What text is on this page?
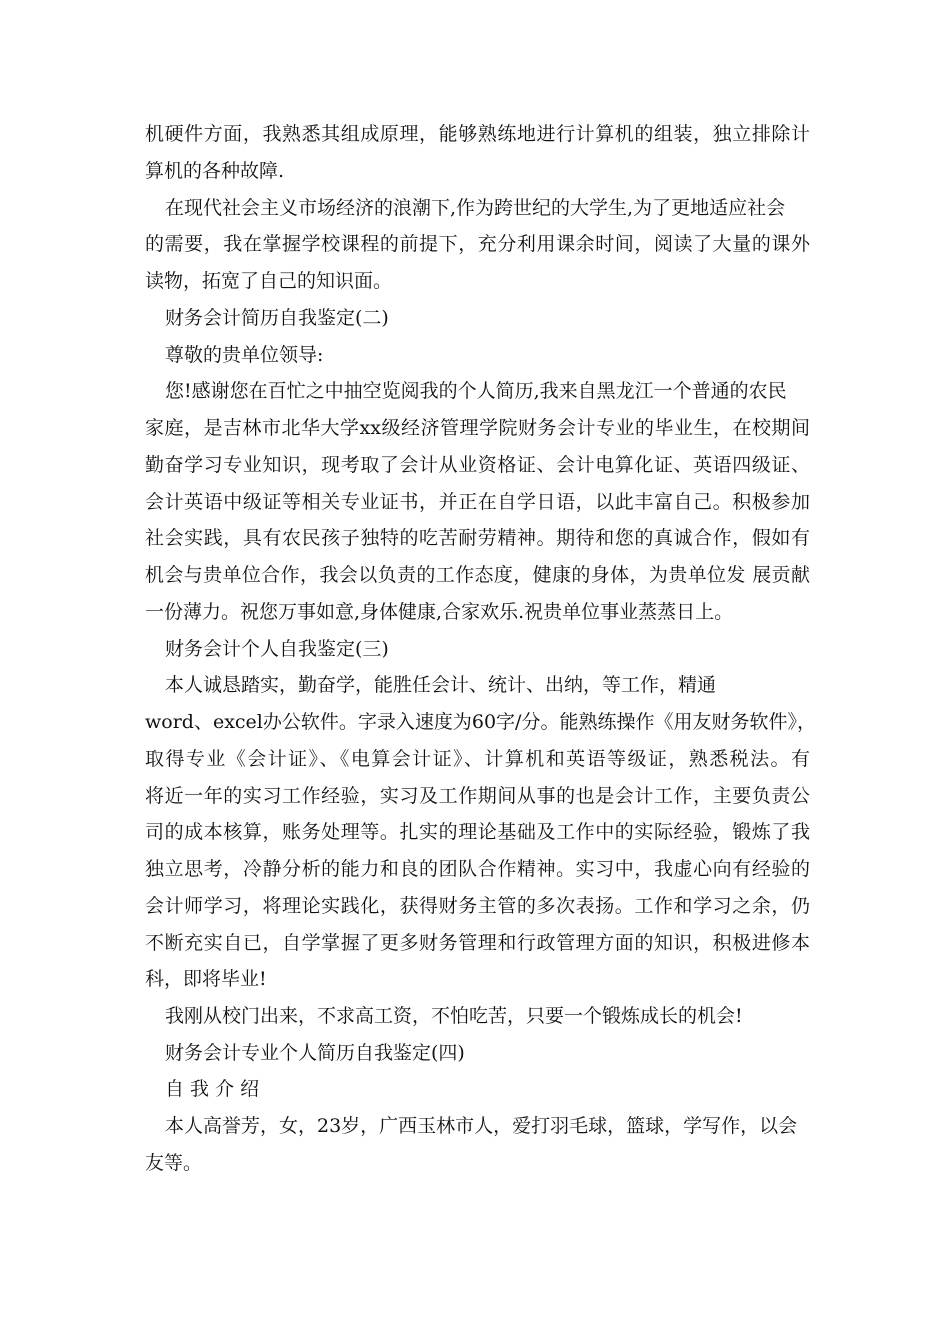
机硬件方面，我熟悉其组成原理，能够熟练地进行计算机的组装，独立排除计
算机的各种故障.
在现代社会主义市场经济的浪潮下,作为跨世纪的大学生,为了更地适应社会
的需要，我在掌握学校课程的前提下，充分利用课余时间，阅读了大量的课外
读物，拓宽了自己的知识面。
财务会计简历自我鉴定(二)
尊敬的贵单位领导:
您!感谢您在百忙之中抽空览阅我的个人简历,我来自黑龙江一个普通的农民
家庭，是吉林市北华大学xx级经济管理学院财务会计专业的毕业生，在校期间
勤奋学习专业知识，现考取了会计从业资格证、会计电算化证、英语四级证、
会计英语中级证等相关专业证书，并正在自学日语，以此丰富自己。积极参加
社会实践，具有农民孩子独特的吃苦耐劳精神。期待和您的真诚合作，假如有
机会与贵单位合作，我会以负责的工作态度，健康的身体，为贵单位发 展贡献
一份薄力。祝您万事如意,身体健康,合家欢乐.祝贵单位事业蒸蒸日上。
财务会计个人自我鉴定(三)
本人诚恳踏实，勤奋学，能胜任会计、统计、出纳，等工作，精通
word、excel办公软件。字录入速度为60字/分。能熟练操作《用友财务软件》，
取得专业《会计证》、《电算会计证》、计算机和英语等级证，熟悉税法。有
将近一年的实习工作经验，实习及工作期间从事的也是会计工作，主要负责公
司的成本核算，账务处理等。扎实的理论基础及工作中的实际经验，锻炼了我
独立思考，冷静分析的能力和良的团队合作精神。实习中，我虚心向有经验的
会计师学习，将理论实践化，获得财务主管的多次表扬。工作和学习之余，仍
不断充实自已，自学掌握了更多财务管理和行政管理方面的知识，积极进修本
科，即将毕业!
我刚从校门出来，不求高工资，不怕吃苦，只要一个锻炼成长的机会!
财务会计专业个人简历自我鉴定(四)
自 我 介 绍
本人高誉芳，女，23岁，广西玉林市人，爱打羽毛球，篮球，学写作，以会
友等。
